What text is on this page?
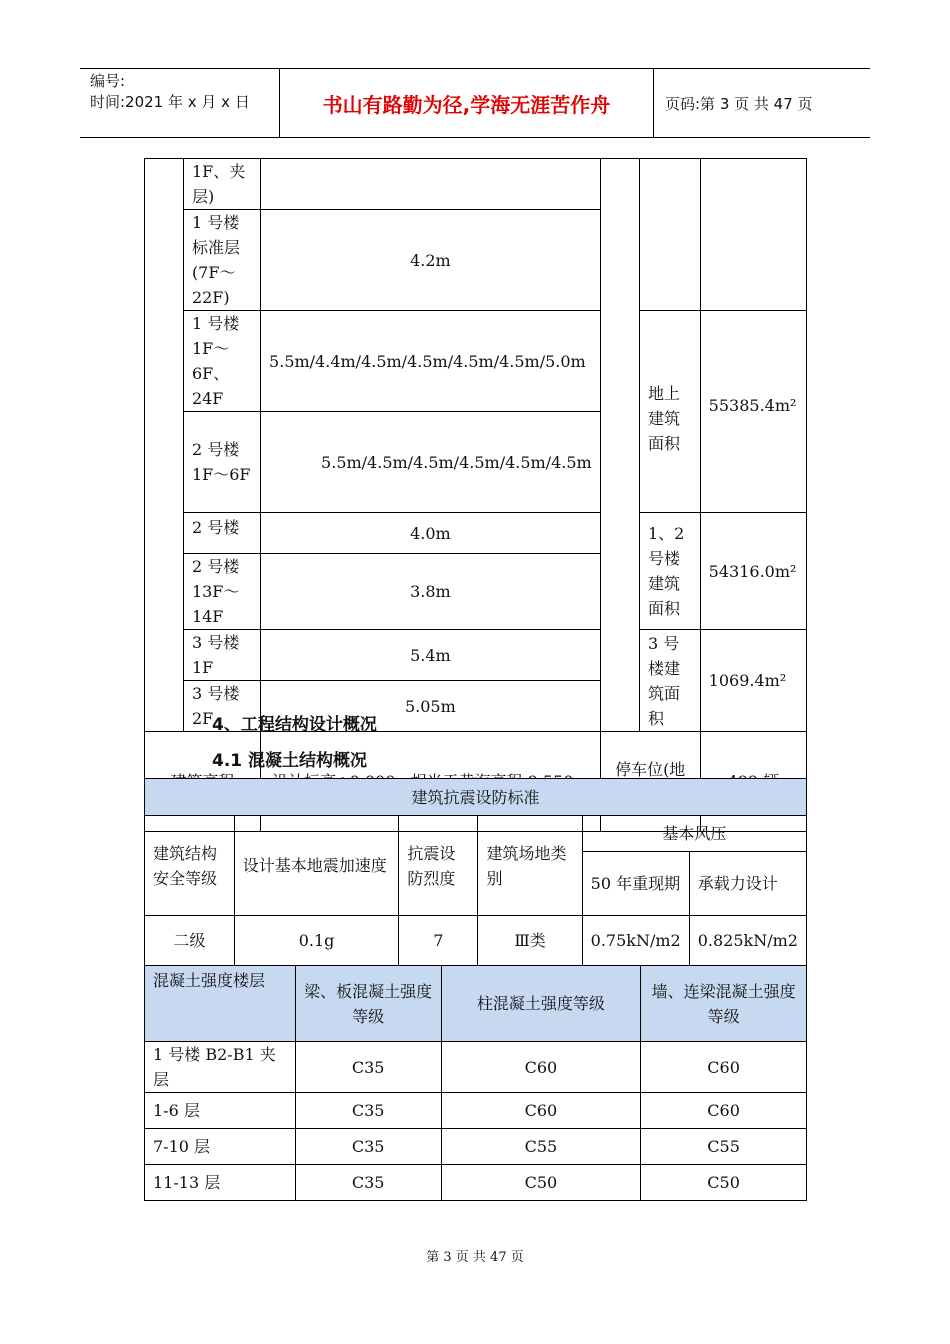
编号:
时间:2021 年 x 月 x 日	书山有路勤为径,学海无涯苦作舟	页码:第 3 页 共 47 页
	1F、夹层)				
	1 号楼标准层(7F～22F)	4.2m			

	1 号楼 1F～6F、24F	5.5m/4.4m/4.5m/4.5m/4.5m/4.5m/5.0m		地上建筑面积	55385.4m²
	2 号楼 1F～6F	5.5m/4.5m/4.5m/4.5m/4.5m/4.5m			

	2 号楼	4.0m		1、2 号楼建筑面积	54316.0m²
	2 号楼 13F～14F	3.8m			
	3 号楼 1F	5.4m		3 号楼建筑面积	1069.4m²
	3 号楼 2F	5.05m			

		停车位(地	
4、工程结构设计概况
4.1 混凝土结构概况
建筑抗震设防标准					
建筑结构安全等级	设计基本地震加速度	抗震设防烈度	建筑场地类别	基本风压	
				50 年重现期	承载力设计
二级	0.1g	7	Ⅲ类	0.75kN/m2	0.825kN/m2
混凝土强度楼层	梁、板混凝土强度等级	柱混凝土强度等级	墙、连梁混凝土强度等级
1 号楼 B2-B1 夹层	C35	C60	C60
1-6 层	C35	C60	C60
7-10 层	C35	C55	C55
11-13 层	C35	C50	C50
第 3 页 共 47 页
